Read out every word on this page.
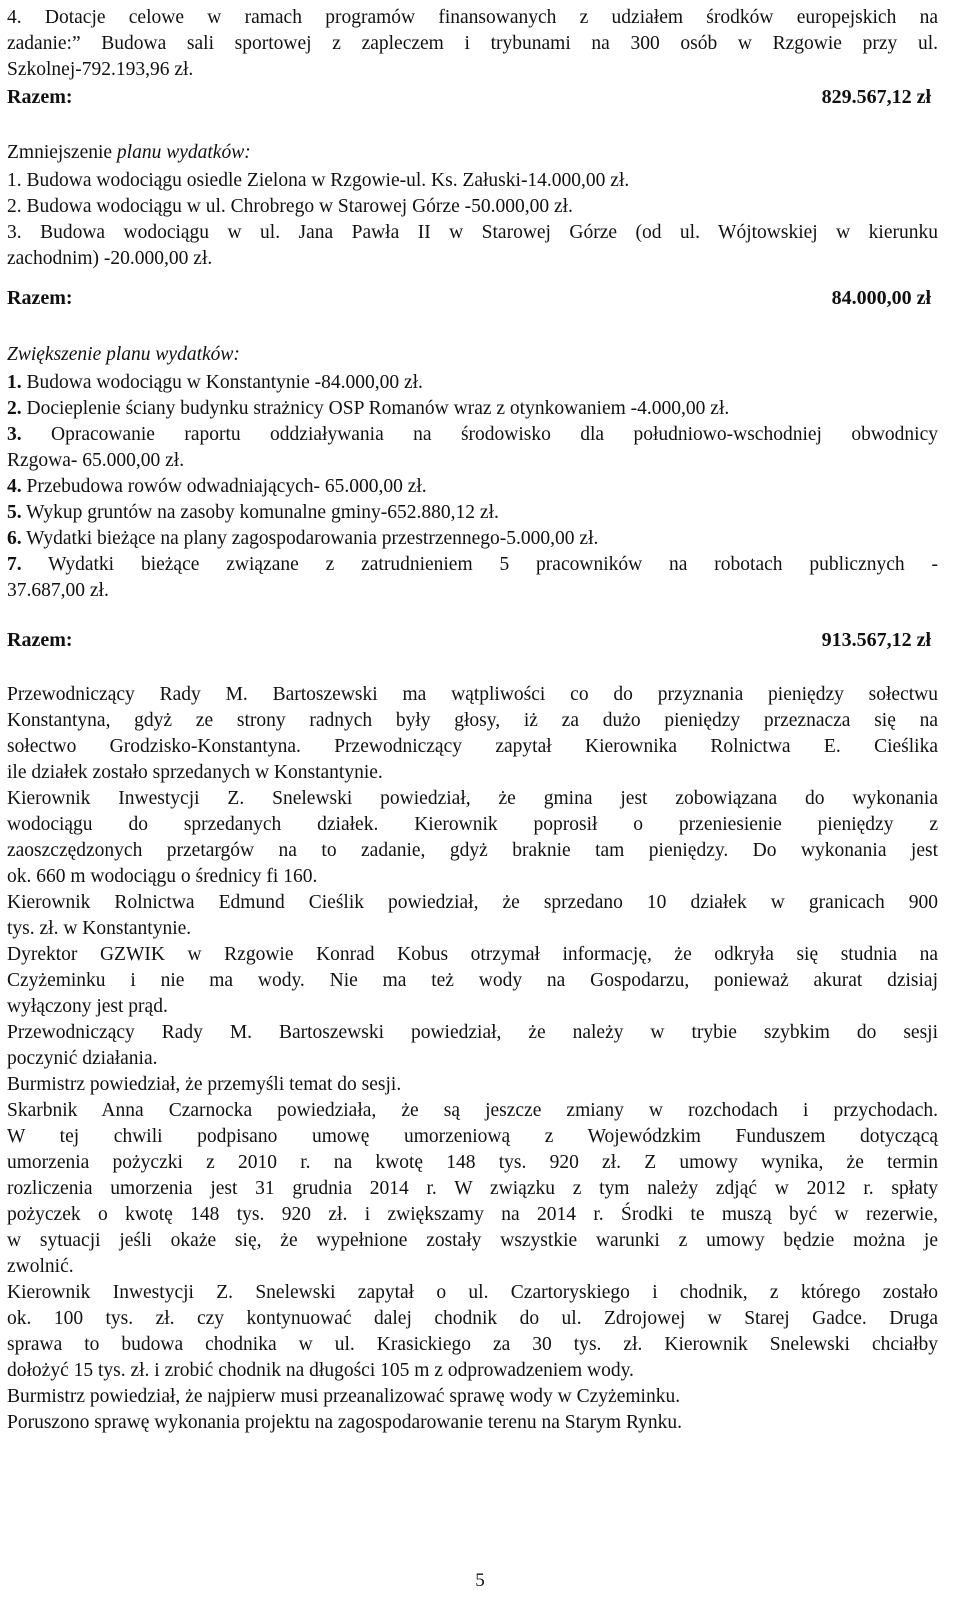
4. Dotacje celowe w ramach programów finansowanych z udziałem środków europejskich na
zadanie:” Budowa sali sportowej z zapleczem i trybunami na 300 osób w Rzgowie przy ul.
Szkolnej-792.193,96 zł.
Razem:	829.567,12 zł
Zmniejszenie planu wydatków:
1. Budowa wodociągu osiedle Zielona w Rzgowie-ul. Ks. Załuski-14.000,00 zł.
2. Budowa wodociągu w ul. Chrobrego w Starowej Górze -50.000,00 zł.
3. Budowa wodociągu w ul. Jana Pawła II w Starowej Górze (od ul. Wójtowskiej w kierunku
zachodnim) -20.000,00 zł.
Razem:	84.000,00 zł
Zwiększenie planu wydatków:
1. Budowa wodociągu w Konstantynie -84.000,00 zł.
2. Docieplenie ściany budynku strażnicy OSP Romanów wraz z otynkowaniem -4.000,00 zł.
3. Opracowanie raportu oddziaływania na środowisko dla południowo-wschodniej obwodnicy
Rzgowa- 65.000,00 zł.
4. Przebudowa rowów odwadniających- 65.000,00 zł.
5. Wykup gruntów na zasoby komunalne gminy-652.880,12 zł.
6. Wydatki bieżące na plany zagospodarowania przestrzennego-5.000,00 zł.
7. Wydatki bieżące związane z zatrudnieniem 5 pracowników na robotach publicznych -
37.687,00 zł.
Razem:	913.567,12 zł
Przewodniczący Rady M. Bartoszewski ma wątpliwości co do przyznania pieniędzy sołectwu
Konstantyna, gdyż ze strony radnych były głosy, iż za dużo pieniędzy przeznacza się na
sołectwo Grodzisko-Konstantyna. Przewodniczący zapytał Kierownika Rolnictwa E. Cieślika
ile działek zostało sprzedanych w Konstantynie.
Kierownik Inwestycji Z. Snelewski powiedział, że gmina jest zobowiązana do wykonania
wodociągu do sprzedanych działek. Kierownik poprosił o przeniesienie pieniędzy z
zaoszczędzonych przetargów na to zadanie, gdyż braknie tam pieniędzy. Do wykonania jest
ok. 660 m wodociągu o średnicy fi 160.
Kierownik Rolnictwa Edmund Cieślik powiedział, że sprzedano 10 działek w granicach 900
tys. zł. w Konstantynie.
Dyrektor GZWIK w Rzgowie Konrad Kobus otrzymał informację, że odkryła się studnia na
Czyżeminku i nie ma wody. Nie ma też wody na Gospodarzu, ponieważ akurat dzisiaj
wyłączony jest prąd.
Przewodniczący Rady M. Bartoszewski powiedział, że należy w trybie szybkim do sesji
poczynić działania.
Burmistrz powiedział, że przemyśli temat do sesji.
Skarbnik Anna Czarnocka powiedziała, że są jeszcze zmiany w rozchodach i przychodach.
W tej chwili podpisano umowę umorzeniową z Wojewódzkim Funduszem dotyczącą
umorzenia pożyczki z 2010 r. na kwotę 148 tys. 920 zł. Z umowy wynika, że termin
rozliczenia umorzenia jest 31 grudnia 2014 r. W związku z tym należy zdjąć w 2012 r. spłaty
pożyczek o kwotę 148 tys. 920 zł. i zwiększamy na 2014 r. Środki te muszą być w rezerwie,
w sytuacji jeśli okaże się, że wypełnione zostały wszystkie warunki z umowy będzie można je
zwolnić.
Kierownik Inwestycji Z. Snelewski zapytał o ul. Czartoryskiego i chodnik, z którego zostało
ok. 100 tys. zł. czy kontynuować dalej chodnik do ul. Zdrojowej w Starej Gadce. Druga
sprawa to budowa chodnika w ul. Krasickiego za 30 tys. zł. Kierownik Snelewski chciałby
dołożyć 15 tys. zł. i zrobić chodnik na długości 105 m z odprowadzeniem wody.
Burmistrz powiedział, że najpierw musi przeanalizować sprawę wody w Czyżeminku.
Poruszono sprawę wykonania projektu na zagospodarowanie terenu na Starym Rynku.
5
